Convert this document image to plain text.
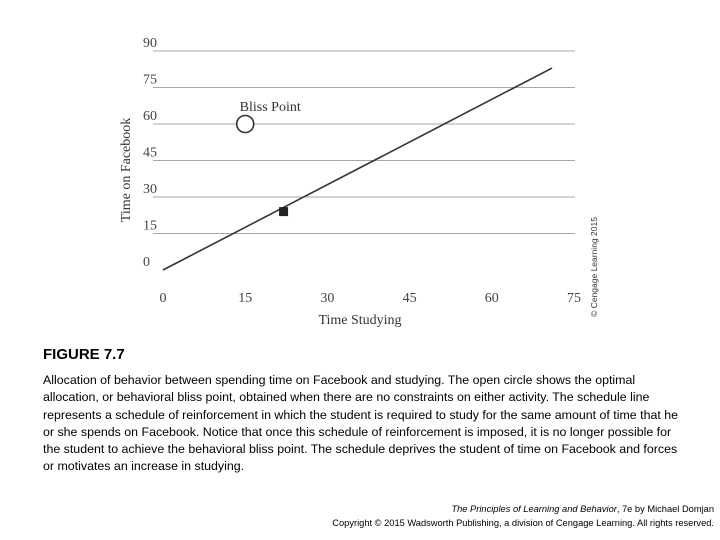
0
15
30
45
60
75
90
0	15	30	45	60	75
Bliss Point
Time Studying
Time on Facebook
© Cengage Learning 2015

FIGURE 7.7

Allocation of behavior between spending time on Facebook and studying. The open circle shows the optimal allocation, or behavioral bliss point, obtained when there are no constraints on either activity. The schedule line represents a schedule of reinforcement in which the student is required to study for the same amount of time that he or she spends on Facebook. Notice that once this schedule of reinforcement is imposed, it is no longer possible for the student to achieve the behavioral bliss point. The schedule deprives the student of time on Facebook and forces or motivates an increase in studying.

The Principles of Learning and Behavior, 7e by Michael Domjan
Copyright © 2015 Wadsworth Publishing, a division of Cengage Learning. All rights reserved.
